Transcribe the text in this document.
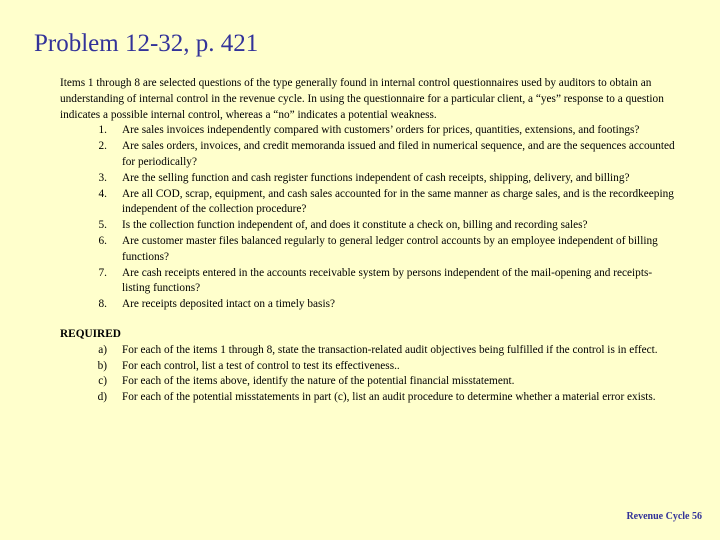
Problem 12-32, p. 421

Items 1 through 8 are selected questions of the type generally found in internal control questionnaires used by auditors to obtain an understanding of internal control in the revenue cycle. In using the questionnaire for a particular client, a “yes” response to a question indicates a possible internal control, whereas a “no” indicates a potential weakness.

1. Are sales invoices independently compared with customers’ orders for prices, quantities, extensions, and footings?
2. Are sales orders, invoices, and credit memoranda issued and filed in numerical sequence, and are the sequences accounted for periodically?
3. Are the selling function and cash register functions independent of cash receipts, shipping, delivery, and billing?
4. Are all COD, scrap, equipment, and cash sales accounted for in the same manner as charge sales, and is the recordkeeping independent of the collection procedure?
5. Is the collection function independent of, and does it constitute a check on, billing and recording sales?
6. Are customer master files balanced regularly to general ledger control accounts by an employee independent of billing functions?
7. Are cash receipts entered in the accounts receivable system by persons independent of the mail-opening and receipts-listing functions?
8. Are receipts deposited intact on a timely basis?
REQUIRED
a) For each of the items 1 through 8, state the transaction-related audit objectives being fulfilled if the control is in effect.
b) For each control, list a test of control to test its effectiveness..
c) For each of the items above, identify the nature of the potential financial misstatement.
d) For each of the potential misstatements in part (c), list an audit procedure to determine whether a material error exists.
Revenue Cycle 56
